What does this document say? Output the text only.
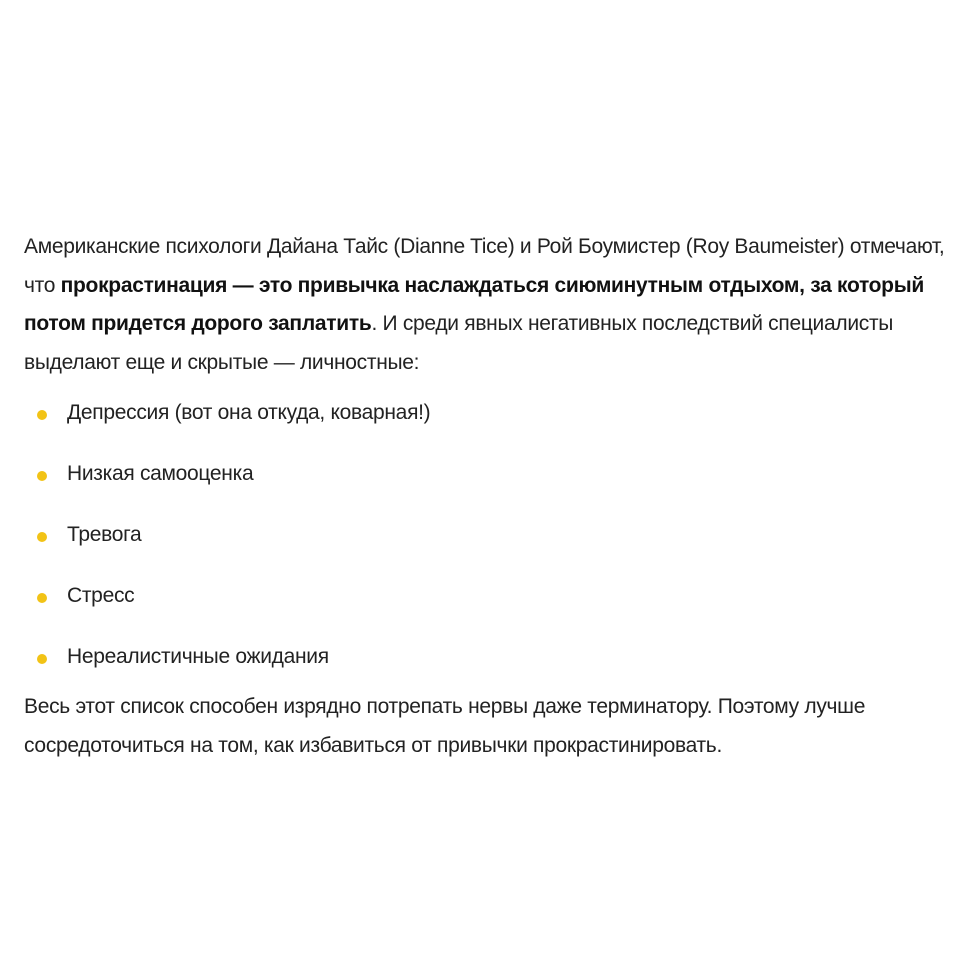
Американские психологи Дайана Тайс (Dianne Tice) и Рой Боумистер (Roy Baumeister) отмечают, что прокрастинация — это привычка наслаждаться сиюминутным отдыхом, за который потом придется дорого заплатить. И среди явных негативных последствий специалисты выделают еще и скрытые — личностные:

Депрессия (вот она откуда, коварная!)
Низкая самооценка
Тревога
Стресс
Нереалистичные ожидания

Весь этот список способен изрядно потрепать нервы даже терминатору. Поэтому лучше сосредоточиться на том, как избавиться от привычки прокрастинировать.
